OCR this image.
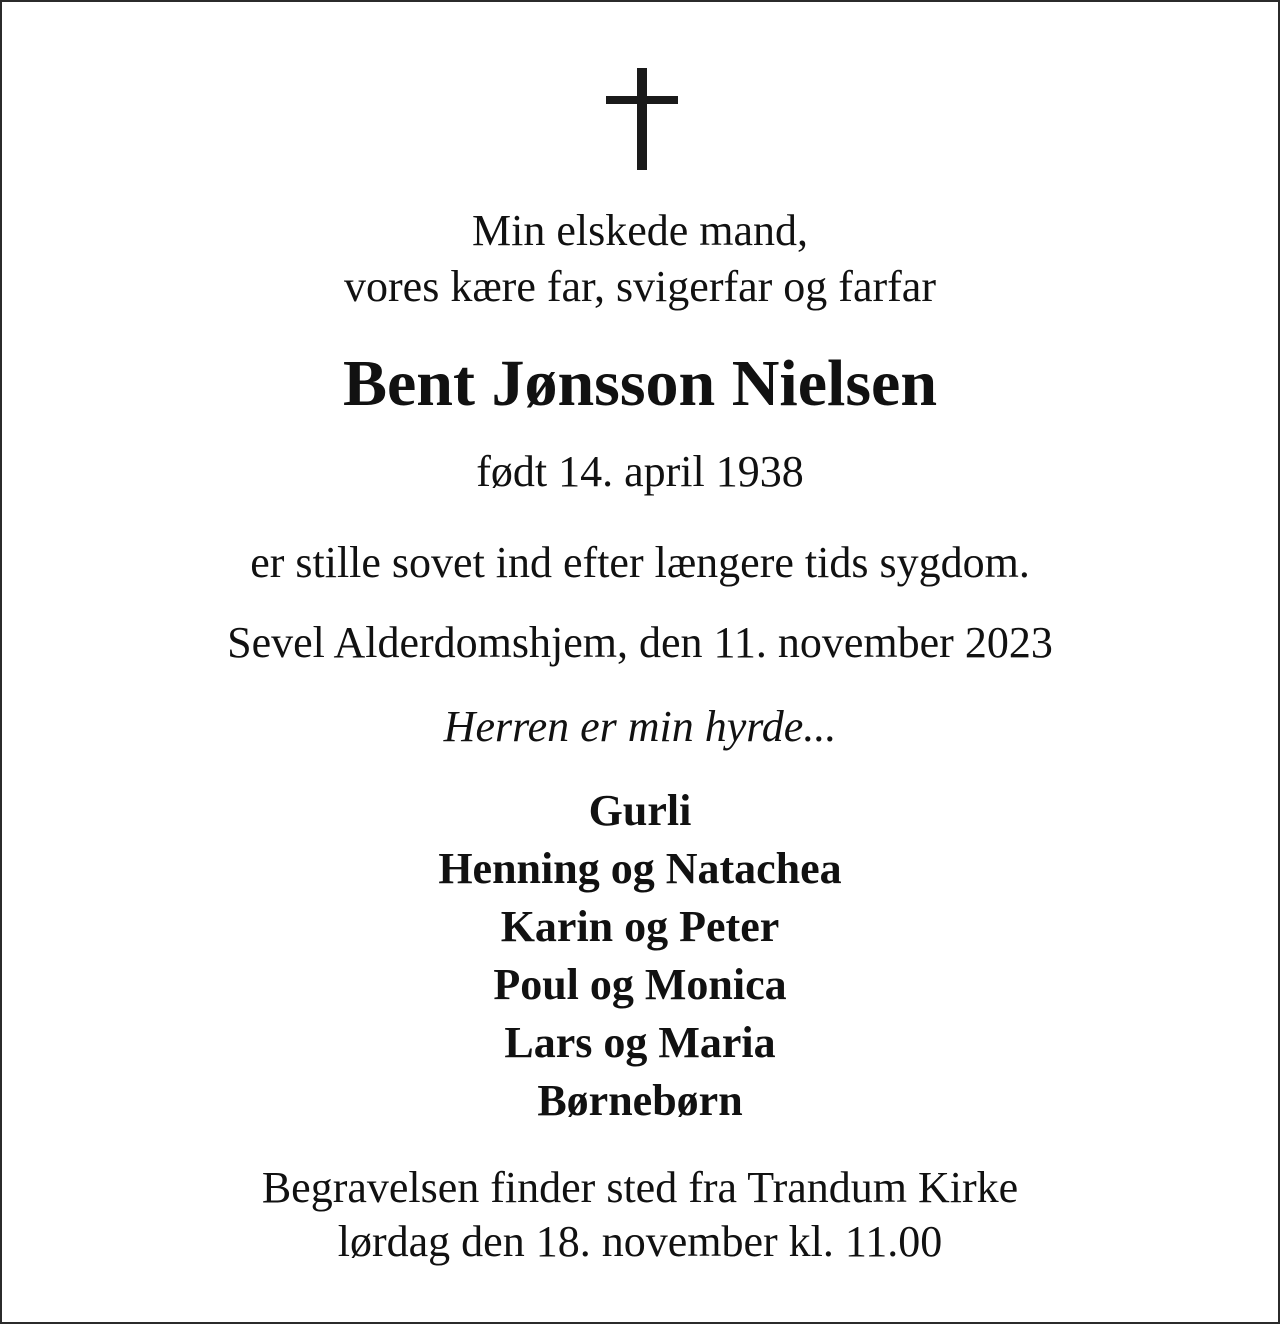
Min elskede mand,
vores kære far, svigerfar og farfar
Bent Jønsson Nielsen
født 14. april 1938
er stille sovet ind efter længere tids sygdom.
Sevel Alderdomshjem, den 11. november 2023
Herren er min hyrde...
Gurli
Henning og Natachea
Karin og Peter
Poul og Monica
Lars og Maria
Børnebørn
Begravelsen finder sted fra Trandum Kirke
lørdag den 18. november kl. 11.00
